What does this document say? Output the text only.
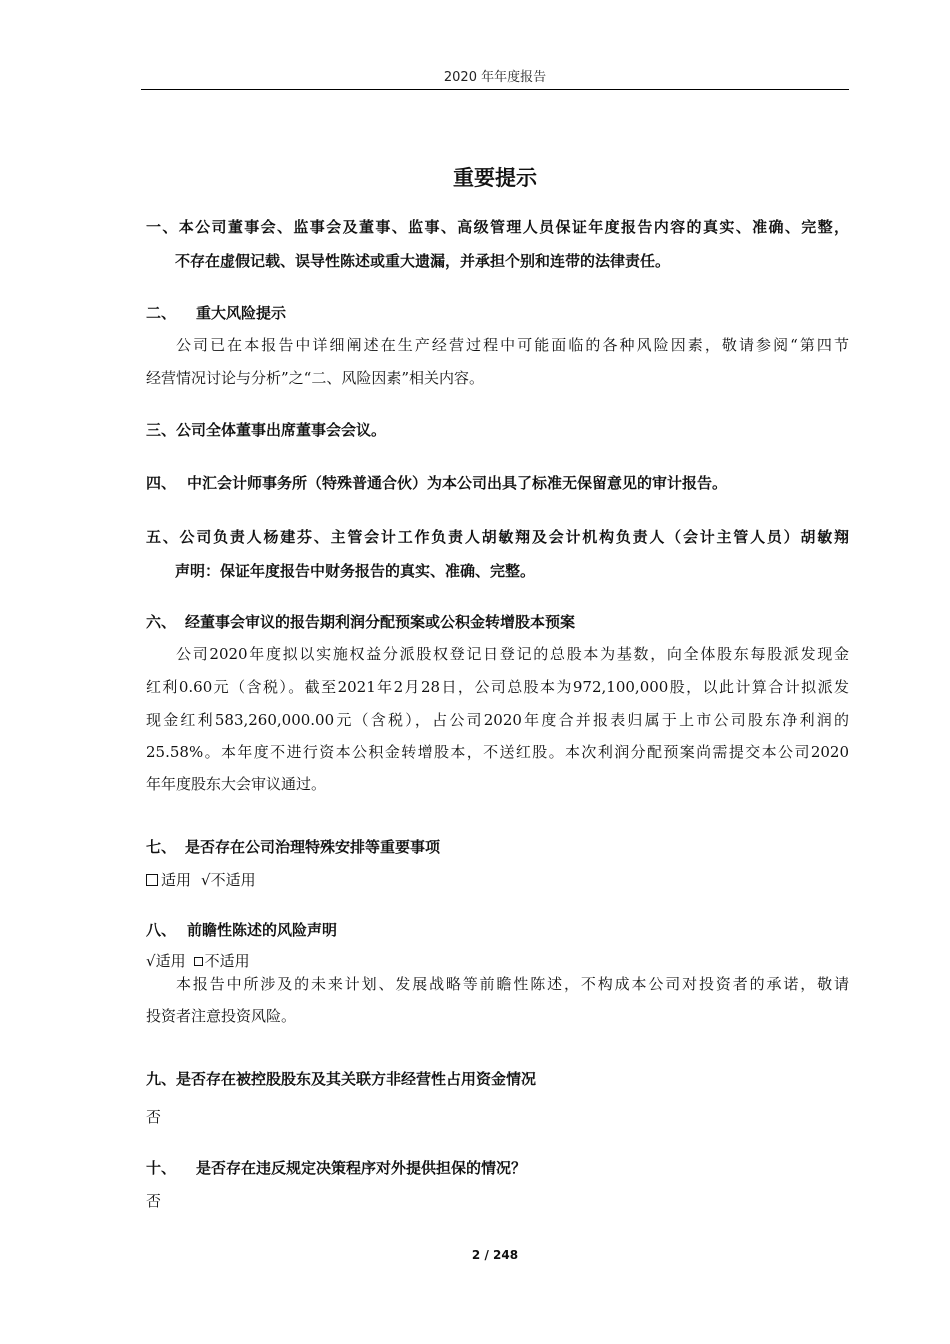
2020 年年度报告
重要提示
一、本公司董事会、监事会及董事、监事、高级管理人员保证年度报告内容的真实、准确、完整，
不存在虚假记载、误导性陈述或重大遗漏，并承担个别和连带的法律责任。
二、 重大风险提示
公司已在本报告中详细阐述在生产经营过程中可能面临的各种风险因素，敬请参阅“第四节
经营情况讨论与分析”之“二、风险因素”相关内容。
三、公司全体董事出席董事会会议。
四、 中汇会计师事务所（特殊普通合伙）为本公司出具了标准无保留意见的审计报告。
五、公司负责人杨建芬、主管会计工作负责人胡敏翔及会计机构负责人（会计主管人员）胡敏翔
声明：保证年度报告中财务报告的真实、准确、完整。
六、 经董事会审议的报告期利润分配预案或公积金转增股本预案
公司2020年度拟以实施权益分派股权登记日登记的总股本为基数，向全体股东每股派发现金
红利0.60元（含税）。截至2021年2月28日，公司总股本为972,100,000股，以此计算合计拟派发
现金红利583,260,000.00元（含税），占公司2020年度合并报表归属于上市公司股东净利润的
25.58%。本年度不进行资本公积金转增股本，不送红股。本次利润分配预案尚需提交本公司2020
年年度股东大会审议通过。
七、 是否存在公司治理特殊安排等重要事项
适用 √不适用
八、 前瞻性陈述的风险声明
√适用 不适用
本报告中所涉及的未来计划、发展战略等前瞻性陈述，不构成本公司对投资者的承诺，敬请
投资者注意投资风险。
九、是否存在被控股股东及其关联方非经营性占用资金情况
否
十、 是否存在违反规定决策程序对外提供担保的情况？
否
2 / 248
